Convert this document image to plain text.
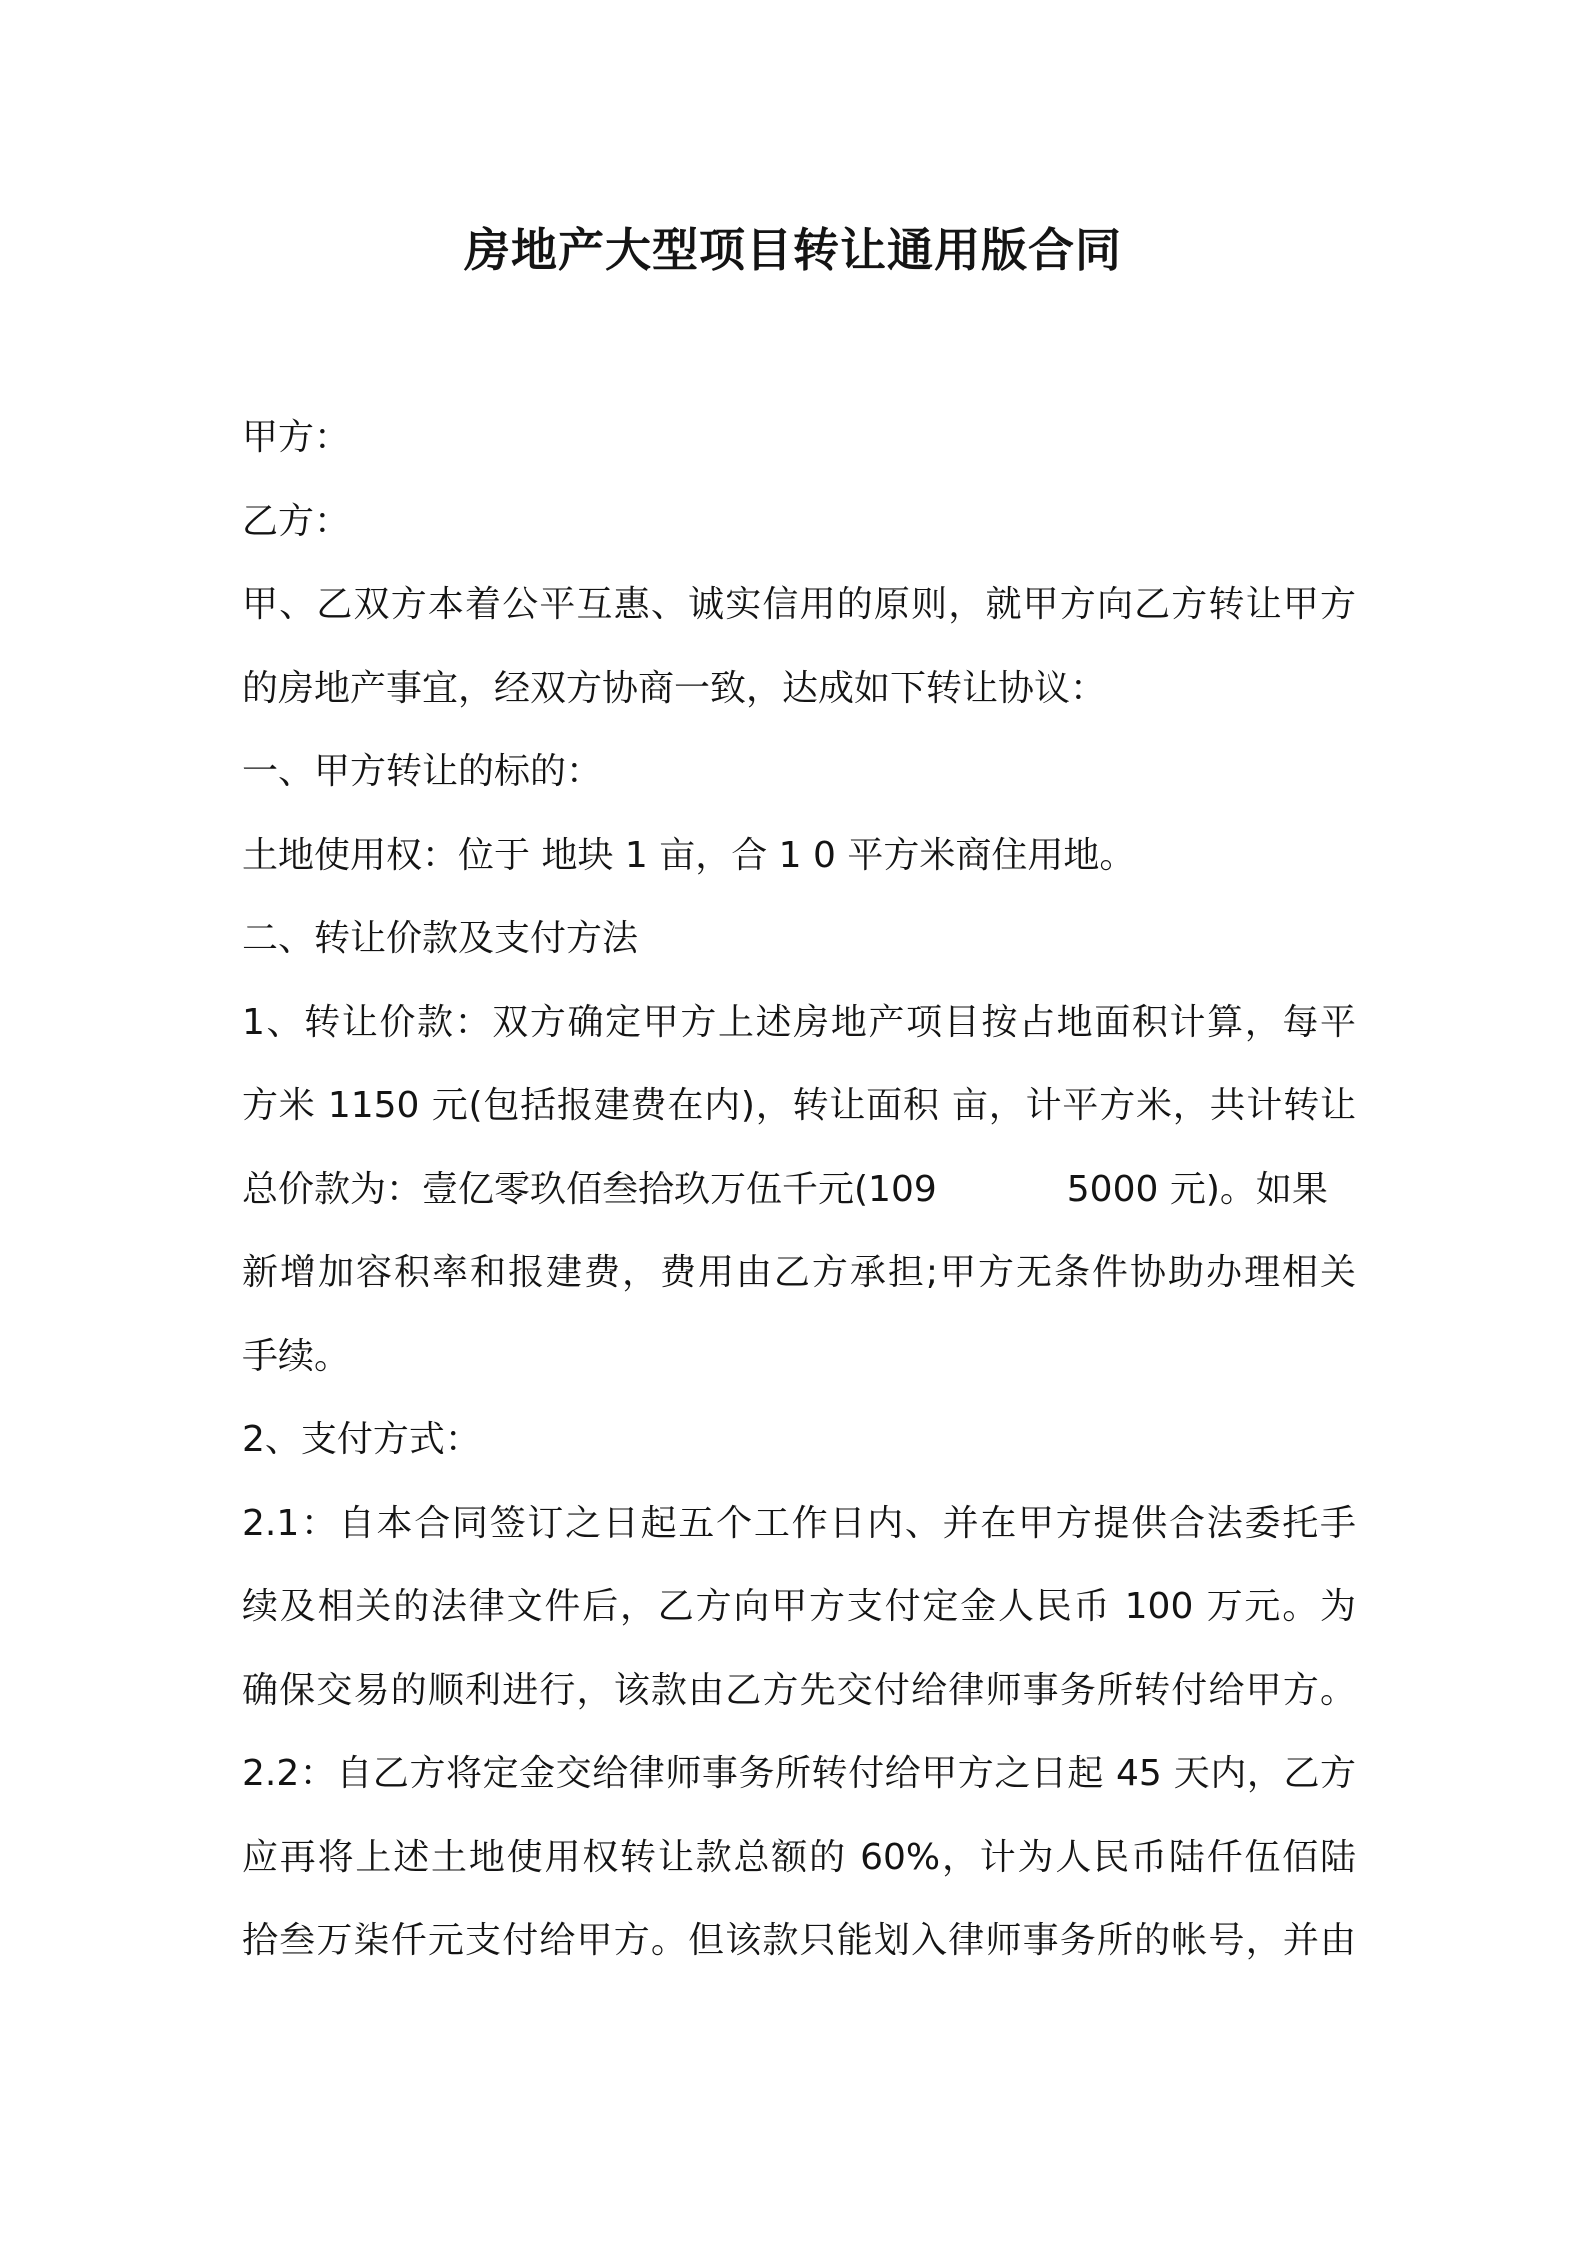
房地产大型项目转让通用版合同
甲方：
乙方：
甲、乙双方本着公平互惠、诚实信用的原则，就甲方向乙方转让甲方
的房地产事宜，经双方协商一致，达成如下转让协议：
一、甲方转让的标的：
土地使用权：位于 地块 1 亩，合 1 0 平方米商住用地。
二、转让价款及支付方法
1、转让价款：双方确定甲方上述房地产项目按占地面积计算，每平
方米 1150 元(包括报建费在内)，转让面积 亩，计平方米，共计转让
总价款为：壹亿零玖佰叁拾玖万伍千元(109	5000 元)。如果
新增加容积率和报建费，费用由乙方承担;甲方无条件协助办理相关
手续。
2、支付方式：
2.1：自本合同签订之日起五个工作日内、并在甲方提供合法委托手
续及相关的法律文件后，乙方向甲方支付定金人民币 100 万元。为
确保交易的顺利进行，该款由乙方先交付给律师事务所转付给甲方。
2.2：自乙方将定金交给律师事务所转付给甲方之日起 45 天内，乙方
应再将上述土地使用权转让款总额的 60%，计为人民币陆仟伍佰陆
拾叁万柒仟元支付给甲方。但该款只能划入律师事务所的帐号，并由
